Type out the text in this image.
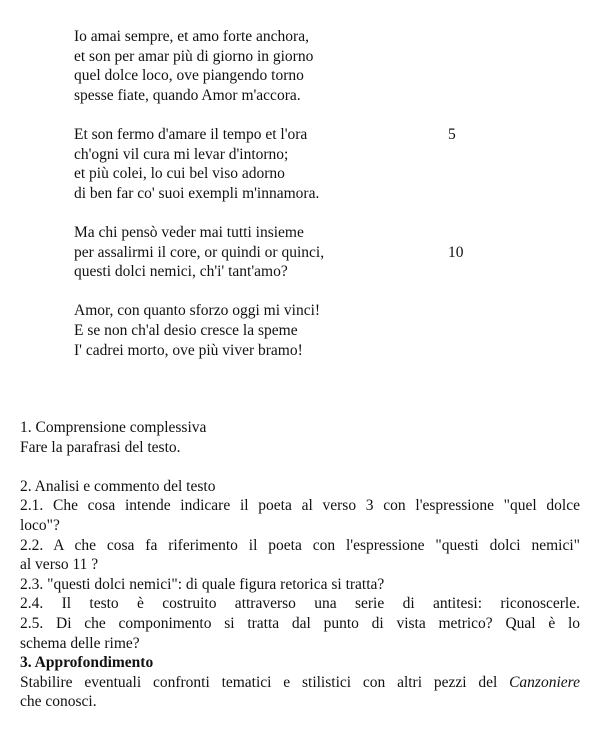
Io amai sempre, et amo forte anchora,
et son per amar più di giorno in giorno
quel dolce loco, ove piangendo torno
spesse fiate, quando Amor m'accora.
Et son fermo d'amare il tempo et l'ora	5
ch'ogni vil cura mi levar d'intorno;
et più colei, lo cui bel viso adorno
di ben far co' suoi exempli m'innamora.
Ma chi pensò veder mai tutti insieme
per assalirmi il core, or quindi or quinci,	10
questi dolci nemici, ch'i' tant'amo?
Amor, con quanto sforzo oggi mi vinci!
E se non ch'al desio cresce la speme
I' cadrei morto, ove più viver bramo!
1. Comprensione complessiva
Fare la parafrasi del testo.
2. Analisi e commento del testo
2.1. Che cosa intende indicare il poeta al verso 3 con l'espressione "quel dolce
loco"?
2.2. A che cosa fa riferimento il poeta con l'espressione "questi dolci nemici"
al verso 11 ?
2.3. "questi dolci nemici": di quale figura retorica si tratta?
2.4. Il testo è costruito attraverso una serie di antitesi: riconoscerle.
2.5. Di che componimento si tratta dal punto di vista metrico? Qual è lo
schema delle rime?
3. Approfondimento
Stabilire eventuali confronti tematici e stilistici con altri pezzi del Canzoniere
che conosci.
